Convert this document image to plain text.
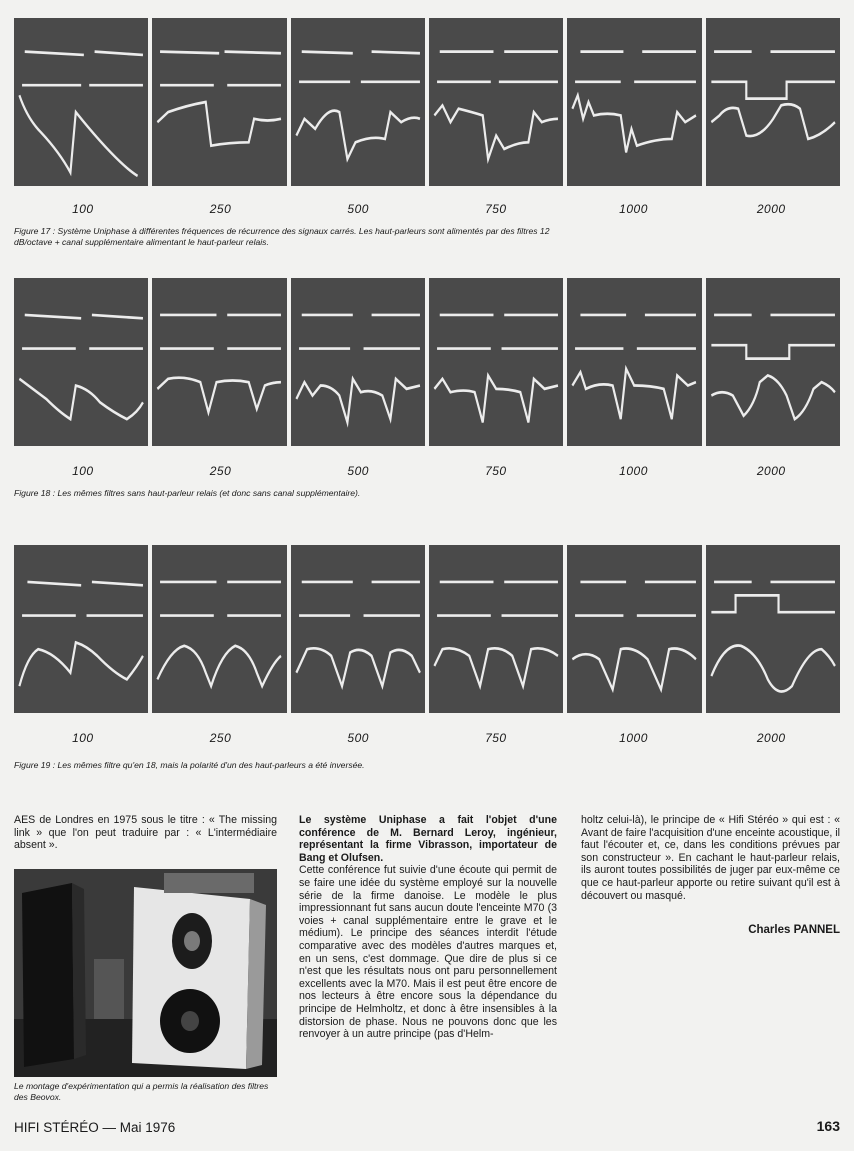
100	250	500	750	1000	2000
Figure 17 : Système Uniphase à différentes fréquences de récurrence des signaux carrés. Les haut-parleurs sont alimentés par des filtres 12 dB/octave + canal supplémentaire alimentant le haut-parleur relais.
100	250	500	750	1000	2000
Figure 18 : Les mêmes filtres sans haut-parleur relais (et donc sans canal supplémentaire).
100	250	500	750	1000	2000
Figure 19 : Les mêmes filtre qu'en 18, mais la polarité d'un des haut-parleurs a été inversée.

AES de Londres en 1975 sous le titre : « The missing link » que l'on peut traduire par : « L'intermédiaire absent ».

Le montage d'expérimentation qui a permis la réalisation des filtres des Beovox.

Le système Uniphase a fait l'objet d'une conférence de M. Bernard Leroy, ingénieur, représentant la firme Vibrasson, importateur de Bang et Olufsen.

Cette conférence fut suivie d'une écoute qui permit de se faire une idée du système employé sur la nouvelle série de la firme danoise. Le modèle le plus impressionnant fut sans aucun doute l'enceinte M70 (3 voies + canal supplémentaire entre le grave et le médium). Le principe des séances interdit l'étude comparative avec des modèles d'autres marques et, en un sens, c'est dommage. Que dire de plus si ce n'est que les résultats nous ont paru personnellement excellents avec la M70. Mais il est peut être encore de nos lecteurs à être encore sous la dépendance du principe de Helmholtz, et donc à être insensibles à la distorsion de phase. Nous ne pouvons donc que les renvoyer à un autre principe (pas d'Helm-

holtz celui-là), le principe de « Hifi Stéréo » qui est : « Avant de faire l'acquisition d'une enceinte acoustique, il faut l'écouter et, ce, dans les conditions prévues par son constructeur ». En cachant le haut-parleur relais, ils auront toutes possibilités de juger par eux-même ce que ce haut-parleur apporte ou retire suivant qu'il est à découvert ou masqué.

Charles PANNEL
HIFI STÉRÉO — Mai 1976	163
